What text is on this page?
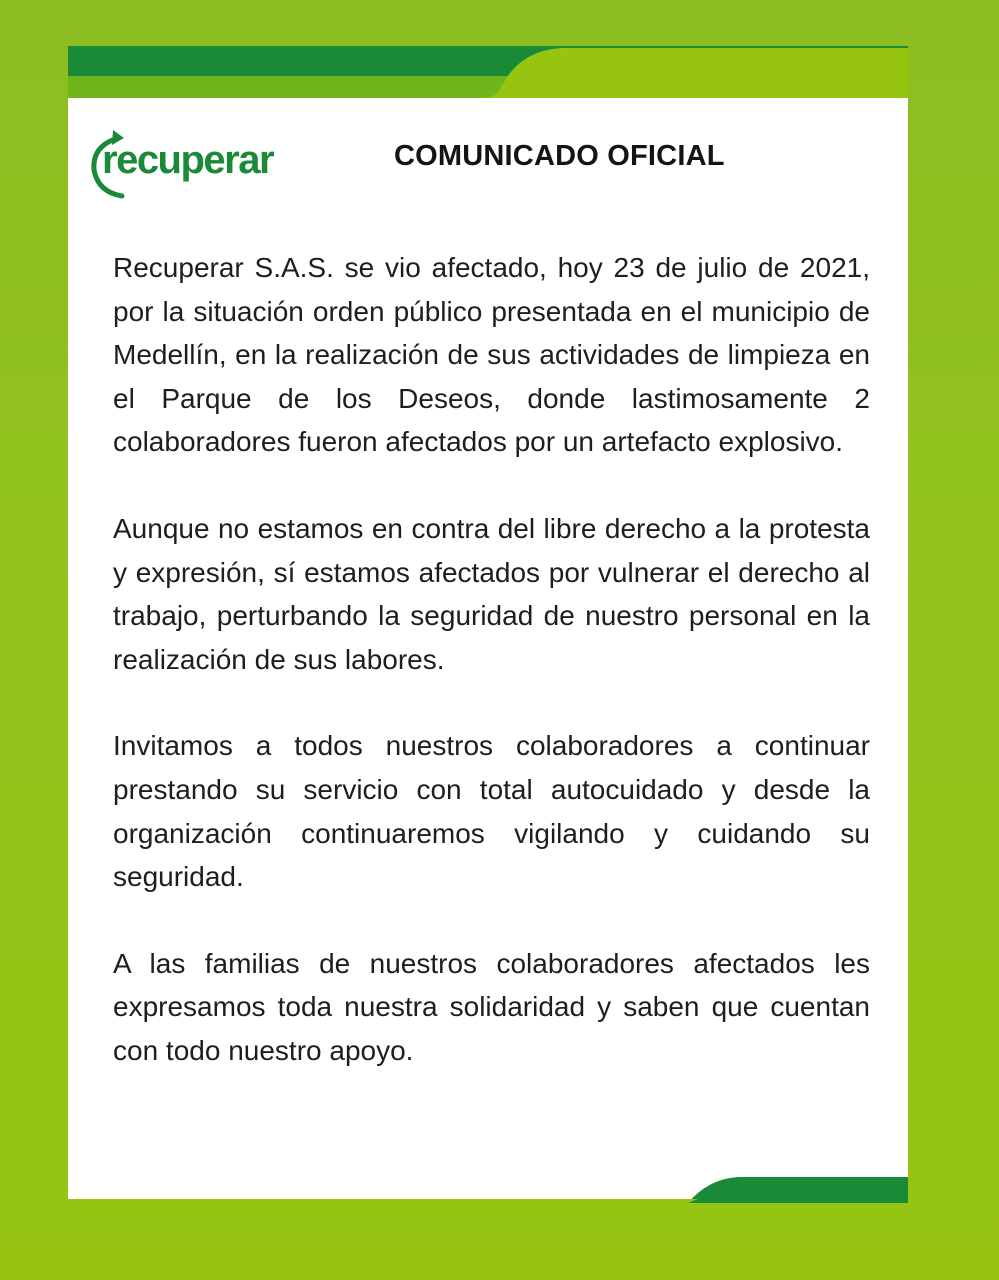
recuperar	COMUNICADO OFICIAL

Recuperar S.A.S. se vio afectado, hoy 23 de julio de 2021, por la situación orden público presentada en el municipio de Medellín, en la realización de sus actividades de limpieza en el Parque de los Deseos, donde lastimosamente 2 colaboradores fueron afectados por un artefacto explosivo.

Aunque no estamos en contra del libre derecho a la protesta y expresión, sí estamos afectados por vulnerar el derecho al trabajo, perturbando la seguridad de nuestro personal en la realización de sus labores.

Invitamos a todos nuestros colaboradores a continuar prestando su servicio con total autocuidado y desde la organización continuaremos vigilando y cuidando su seguridad.

A las familias de nuestros colaboradores afectados les expresamos toda nuestra solidaridad y saben que cuentan con todo nuestro apoyo.
